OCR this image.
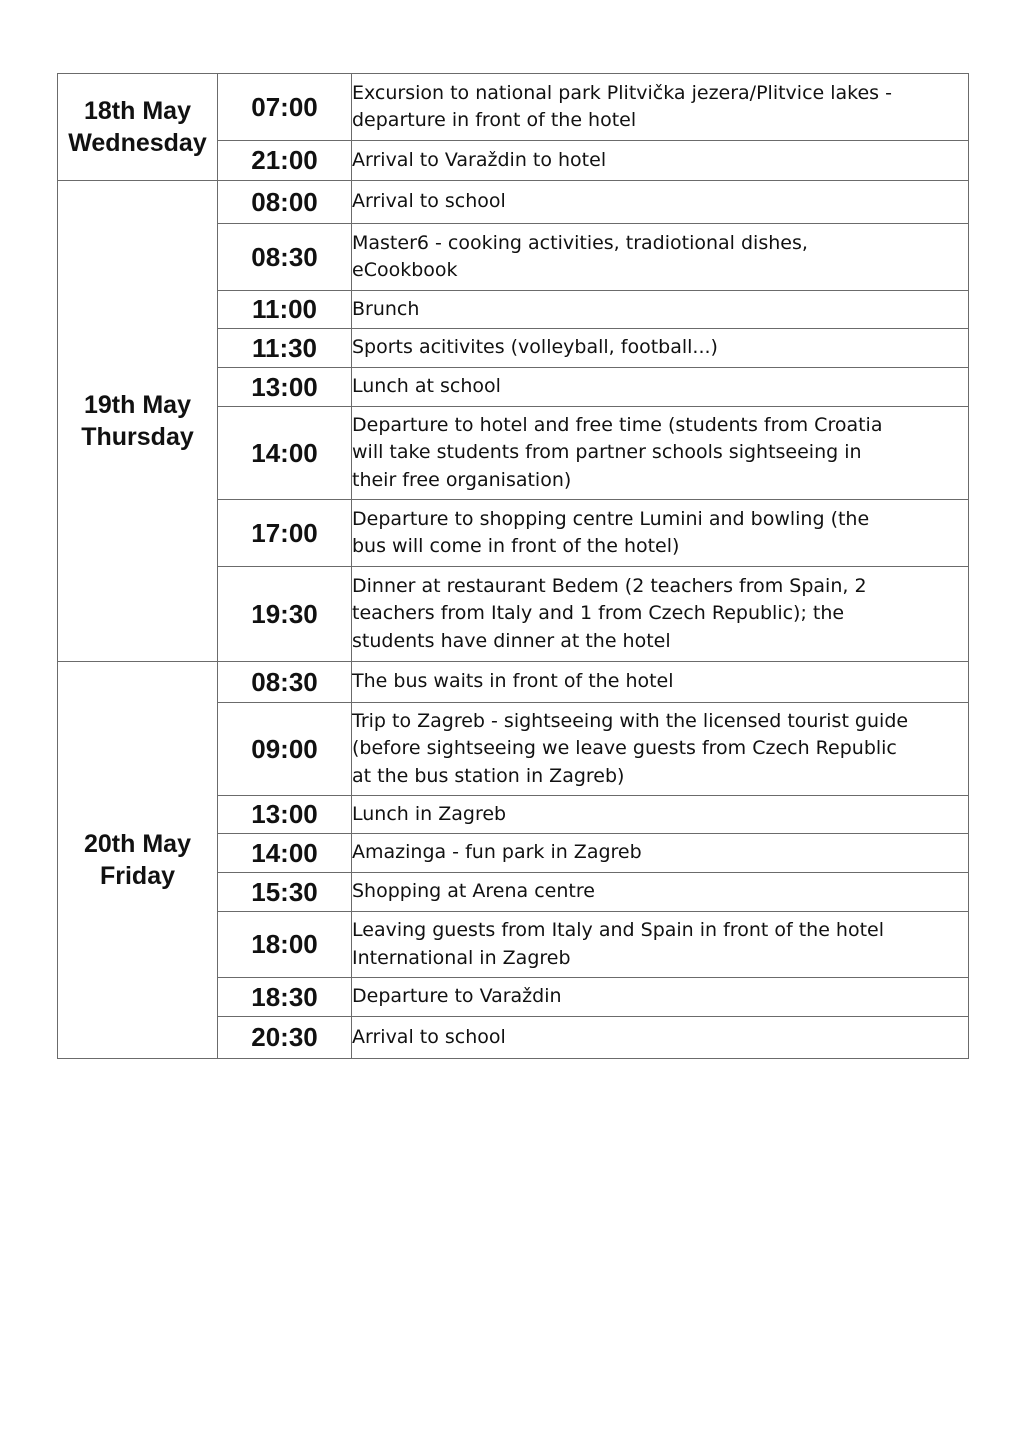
18th May
Wednesday	07:00	Excursion to national park Plitvička jezera/Plitvice lakes -
departure in front of the hotel
	21:00	Arrival to Varaždin to hotel

19th May
Thursday	08:00	Arrival to school
	08:30	Master6 - cooking activities, tradiotional dishes,
eCookbook
	11:00	Brunch
	11:30	Sports acitivites (volleyball, football...)
	13:00	Lunch at school
	14:00	Departure to hotel and free time (students from Croatia
will take students from partner schools sightseeing in
their free organisation)
	17:00	Departure to shopping centre Lumini and bowling (the
bus will come in front of the hotel)
	19:30	Dinner at restaurant Bedem (2 teachers from Spain, 2
teachers from Italy and 1 from Czech Republic); the
students have dinner at the hotel

20th May
Friday	08:30	The bus waits in front of the hotel
	09:00	Trip to Zagreb - sightseeing with the licensed tourist guide
(before sightseeing we leave guests from Czech Republic
at the bus station in Zagreb)
	13:00	Lunch in Zagreb
	14:00	Amazinga - fun park in Zagreb
	15:30	Shopping at Arena centre
	18:00	Leaving guests from Italy and Spain in front of the hotel
International in Zagreb
	18:30	Departure to Varaždin
	20:30	Arrival to school
